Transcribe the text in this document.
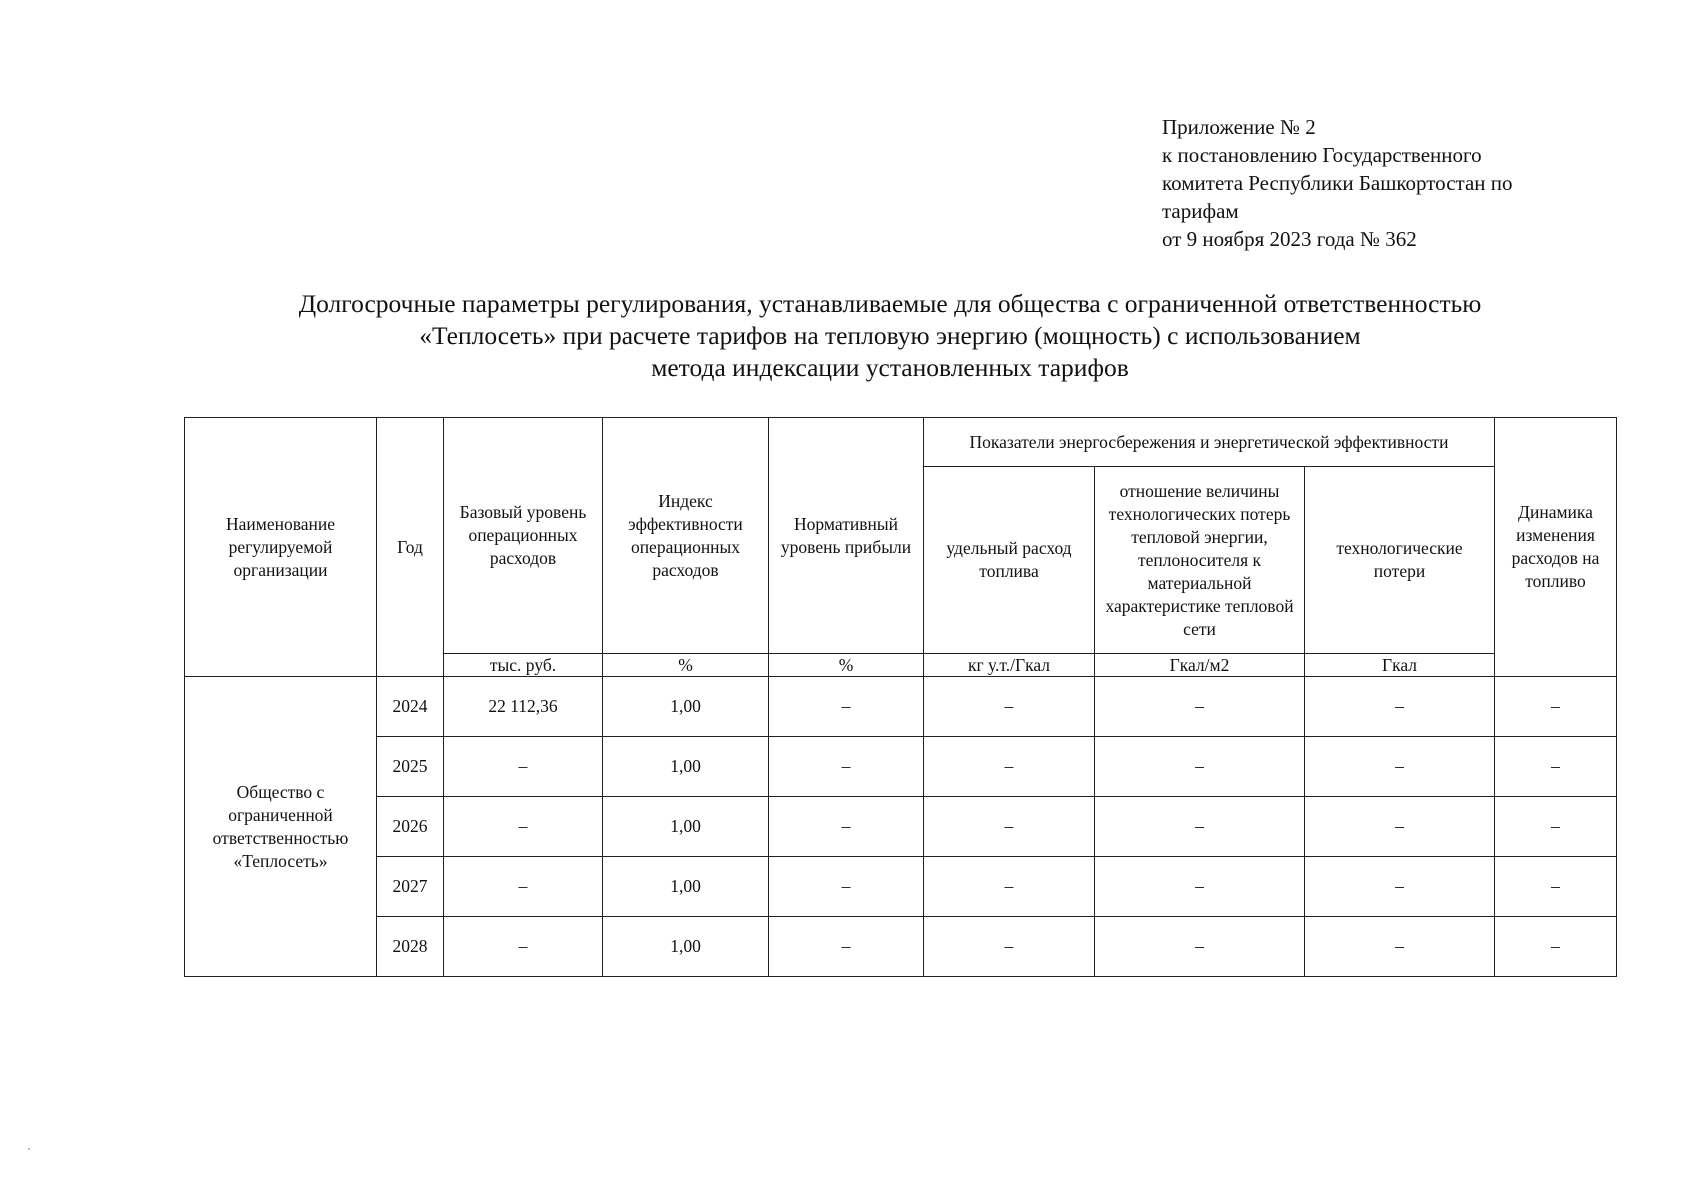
Приложение № 2
к постановлению Государственного
комитета Республики Башкортостан по
тарифам
от 9 ноября 2023 года № 362
Долгосрочные параметры регулирования, устанавливаемые для общества с ограниченной ответственностью
«Теплосеть» при расчете тарифов на тепловую энергию (мощность) с использованием
метода индексации установленных тарифов
Наименование регулируемой организации	Год	Базовый уровень операционных расходов	Индекс эффективности операционных расходов	Нормативный уровень прибыли	Показатели энергосбережения и энергетической эффективности			Динамика изменения расходов на топливо
					удельный расход топлива	отношение величины технологических потерь тепловой энергии, теплоносителя к материальной характеристике тепловой сети	технологические потери	
		тыс. руб.	%	%	кг у.т./Гкал	Гкал/м2	Гкал	
Общество с ограниченной ответственностью «Теплосеть»	2024	22 112,36	1,00	–	–	–	–	–
	2025	–	1,00	–	–	–	–	–
	2026	–	1,00	–	–	–	–	–
	2027	–	1,00	–	–	–	–	–
	2028	–	1,00	–	–	–	–	–
